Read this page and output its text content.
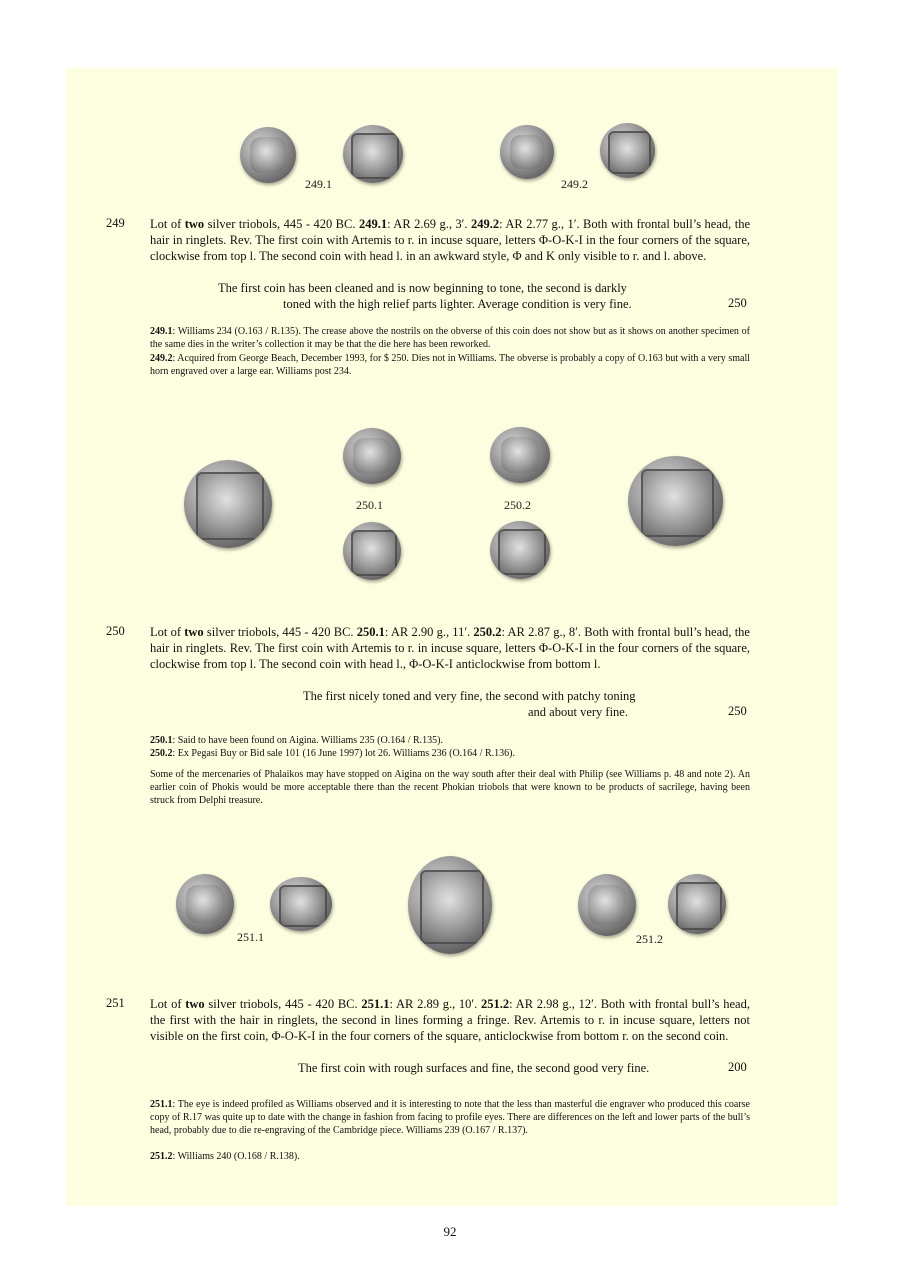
249.1	249.2
249 Lot of two silver triobols, 445 - 420 BC. 249.1: AR 2.69 g., 3′. 249.2: AR 2.77 g., 1′. Both with frontal bull’s head, the hair in ringlets. Rev. The first coin with Artemis to r. in incuse square, letters Φ-O-K-I in the four corners of the square, clockwise from top l. The second coin with head l. in an awkward style, Φ and K only visible to r. and l. above.
The first coin has been cleaned and is now beginning to tone, the second is darkly
toned with the high relief parts lighter. Average condition is very fine.	250
249.1: Williams 234 (O.163 / R.135). The crease above the nostrils on the obverse of this coin does not show but as it shows on another specimen of the same dies in the writer’s collection it may be that the die here has been reworked.
249.2: Acquired from George Beach, December 1993, for $ 250. Dies not in Williams. The obverse is probably a copy of O.163 but with a very small horn engraved over a large ear. Williams post 234.
250.1	250.2
250 Lot of two silver triobols, 445 - 420 BC. 250.1: AR 2.90 g., 11′. 250.2: AR 2.87 g., 8′. Both with frontal bull’s head, the hair in ringlets. Rev. The first coin with Artemis to r. in incuse square, letters Φ-O-K-I in the four corners of the square, clockwise from top l. The second coin with head l., Φ-O-K-I anticlockwise from bottom l.
The first nicely toned and very fine, the second with patchy toning
and about very fine.	250
250.1: Said to have been found on Aigina. Williams 235 (O.164 / R.135).
250.2: Ex Pegasi Buy or Bid sale 101 (16 June 1997) lot 26. Williams 236 (O.164 / R.136).
Some of the mercenaries of Phalaikos may have stopped on Aigina on the way south after their deal with Philip (see Williams p. 48 and note 2). An earlier coin of Phokis would be more acceptable there than the recent Phokian triobols that were known to be products of sacrilege, having been struck from Delphi treasure.
251.1	251.2
251 Lot of two silver triobols, 445 - 420 BC. 251.1: AR 2.89 g., 10′. 251.2: AR 2.98 g., 12′. Both with frontal bull’s head, the first with the hair in ringlets, the second in lines forming a fringe. Rev. Artemis to r. in incuse square, letters not visible on the first coin, Φ-O-K-I in the four corners of the square, anticlockwise from bottom r. on the second coin.
The first coin with rough surfaces and fine, the second good very fine.	200
251.1: The eye is indeed profiled as Williams observed and it is interesting to note that the less than masterful die engraver who produced this coarse copy of R.17 was quite up to date with the change in fashion from facing to profile eyes. There are differences on the left and lower parts of the bull’s head, probably due to die re-engraving of the Cambridge piece. Williams 239 (O.167 / R.137).
251.2: Williams 240 (O.168 / R.138).
92
